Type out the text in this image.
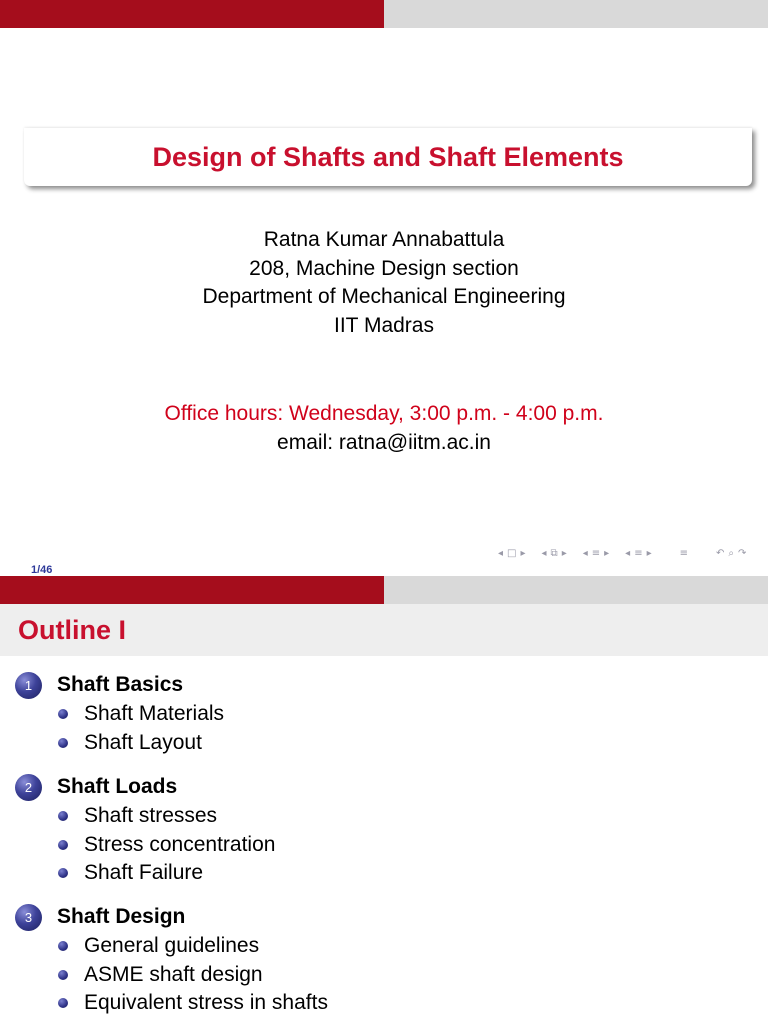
Design of Shafts and Shaft Elements
Ratna Kumar Annabattula
208, Machine Design section
Department of Mechanical Engineering
IIT Madras
Office hours: Wednesday, 3:00 p.m. - 4:00 p.m.
email: ratna@iitm.ac.in
◂ □ ▸ ◂ ⧉ ▸ ◂ ≡ ▸ ◂ ≡ ▸	≡	↶ ⌕ ↷
1/46
Outline I
1	Shaft Basics
Shaft Materials
Shaft Layout
2	Shaft Loads
Shaft stresses
Stress concentration
Shaft Failure
3	Shaft Design
General guidelines
ASME shaft design
Equivalent stress in shafts
